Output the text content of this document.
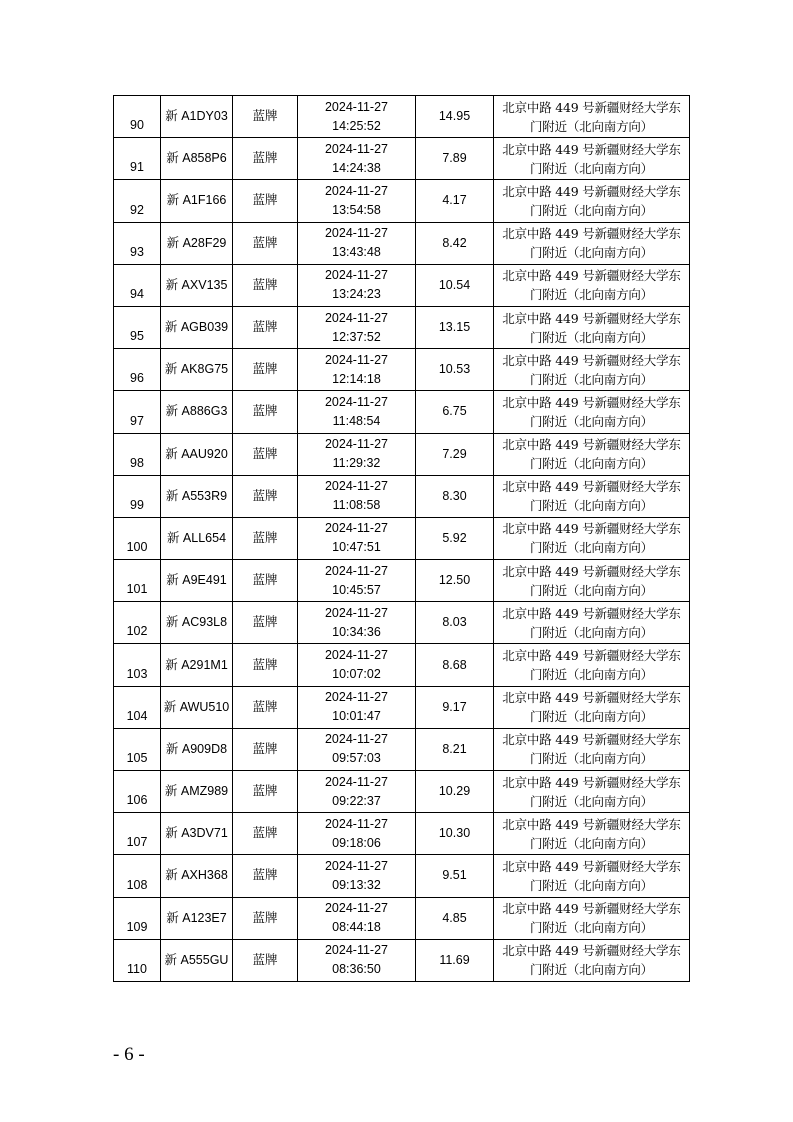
90	新 A1DY03	蓝牌	2024-11-27
14:25:52	14.95	北京中路 449 号新疆财经大学东
门附近（北向南方向）

91	新 A858P6	蓝牌	2024-11-27
14:24:38	7.89	北京中路 449 号新疆财经大学东
门附近（北向南方向）

92	新 A1F166	蓝牌	2024-11-27
13:54:58	4.17	北京中路 449 号新疆财经大学东
门附近（北向南方向）

93	新 A28F29	蓝牌	2024-11-27
13:43:48	8.42	北京中路 449 号新疆财经大学东
门附近（北向南方向）

94	新 AXV135	蓝牌	2024-11-27
13:24:23	10.54	北京中路 449 号新疆财经大学东
门附近（北向南方向）

95	新 AGB039	蓝牌	2024-11-27
12:37:52	13.15	北京中路 449 号新疆财经大学东
门附近（北向南方向）

96	新 AK8G75	蓝牌	2024-11-27
12:14:18	10.53	北京中路 449 号新疆财经大学东
门附近（北向南方向）

97	新 A886G3	蓝牌	2024-11-27
11:48:54	6.75	北京中路 449 号新疆财经大学东
门附近（北向南方向）

98	新 AAU920	蓝牌	2024-11-27
11:29:32	7.29	北京中路 449 号新疆财经大学东
门附近（北向南方向）

99	新 A553R9	蓝牌	2024-11-27
11:08:58	8.30	北京中路 449 号新疆财经大学东
门附近（北向南方向）

100	新 ALL654	蓝牌	2024-11-27
10:47:51	5.92	北京中路 449 号新疆财经大学东
门附近（北向南方向）

101	新 A9E491	蓝牌	2024-11-27
10:45:57	12.50	北京中路 449 号新疆财经大学东
门附近（北向南方向）

102	新 AC93L8	蓝牌	2024-11-27
10:34:36	8.03	北京中路 449 号新疆财经大学东
门附近（北向南方向）

103	新 A291M1	蓝牌	2024-11-27
10:07:02	8.68	北京中路 449 号新疆财经大学东
门附近（北向南方向）

104	新 AWU510	蓝牌	2024-11-27
10:01:47	9.17	北京中路 449 号新疆财经大学东
门附近（北向南方向）

105	新 A909D8	蓝牌	2024-11-27
09:57:03	8.21	北京中路 449 号新疆财经大学东
门附近（北向南方向）

106	新 AMZ989	蓝牌	2024-11-27
09:22:37	10.29	北京中路 449 号新疆财经大学东
门附近（北向南方向）

107	新 A3DV71	蓝牌	2024-11-27
09:18:06	10.30	北京中路 449 号新疆财经大学东
门附近（北向南方向）

108	新 AXH368	蓝牌	2024-11-27
09:13:32	9.51	北京中路 449 号新疆财经大学东
门附近（北向南方向）

109	新 A123E7	蓝牌	2024-11-27
08:44:18	4.85	北京中路 449 号新疆财经大学东
门附近（北向南方向）

110	新 A555GU	蓝牌	2024-11-27
08:36:50	11.69	北京中路 449 号新疆财经大学东
门附近（北向南方向）
- 6 -
